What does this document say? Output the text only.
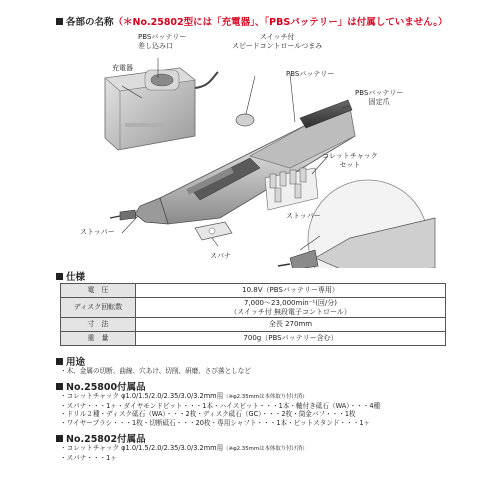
各部の名称（＊No.25802型には「充電器」、「PBSバッテリー」は付属していません。）
PBSバッテリー
差し込み口
充電器
スイッチ付
スピードコントロールつまみ
PBSバッテリー
PBSバッテリー
固定爪
コレットチャック
セット
ストッパー
スパナ
ストッパー
仕様
電　圧	10.8V（PBSバッテリー専用）
ディスク回転数	7,000〜23,000min⁻¹(回/分)
（スイッチ付 無段電子コントロール）

寸　法	全長 270mm
重　量	700g（PBSバッテリー含む）
用途
・木、金属の切断、曲線、穴あけ、切削、研磨、さび落としなど
No.25800付属品
・コレットチャック φ1.0/1.5/2.0/2.35/3.0/3.2mm用（※φ2.35mmは本体取り付け済）
・スパナ・・・1ヶ・ダイヤモンドビット・・・1本・ハイスビット・・・1本・軸付き砥石（WA）・・・4種
・ドリル２種・ディスク砥石（WA）・・・2枚・ディスク砥石（GC）・・・2枚・筒金バフ・・・1枚
・ワイヤーブラシ・・・1枚・切断砥石・・・20枚・専用シャフト・・・1本・ビットスタンド・・・1ヶ
No.25802付属品
・コレットチャック φ1.0/1.5/2.0/2.35/3.0/3.2mm用（※φ2.35mmは本体取り付け済）
・スパナ・・・1ヶ
